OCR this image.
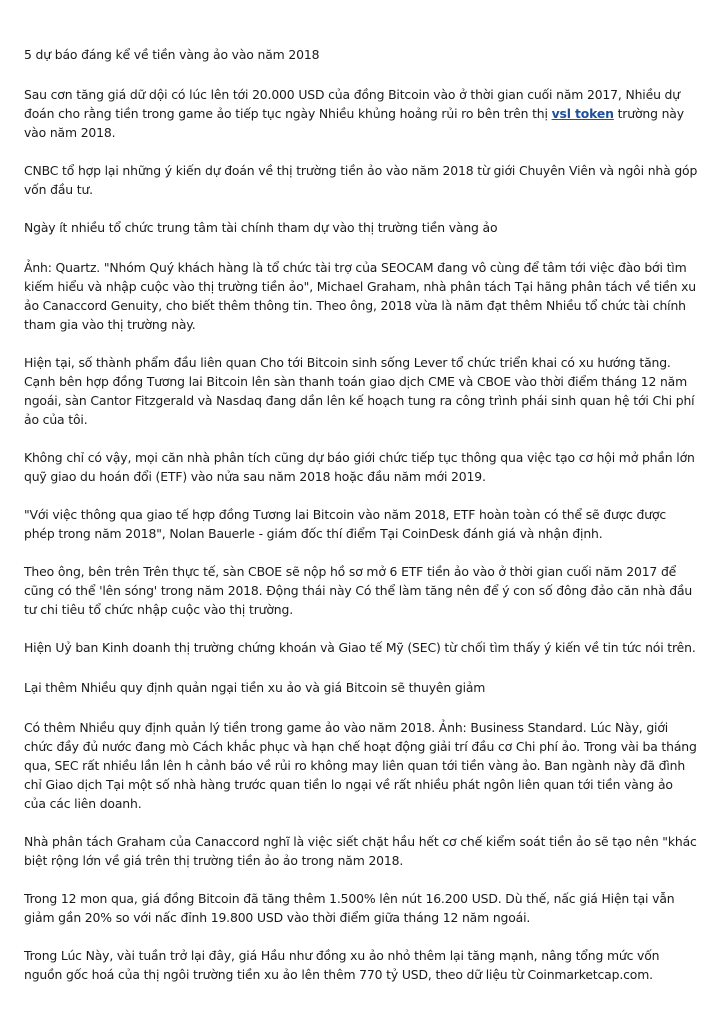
5 dự báo đáng kể về tiền vàng ảo vào năm 2018

Sau cơn tăng giá dữ dội có lúc lên tới 20.000 USD của đồng Bitcoin vào ở thời gian cuối năm 2017, Nhiều dự đoán cho rằng tiền trong game ảo tiếp tục ngày Nhiều khủng hoảng rủi ro bên trên thị vsl token trường này vào năm 2018.

CNBC tổ hợp lại những ý kiến dự đoán về thị trường tiền ảo vào năm 2018 từ giới Chuyên Viên và ngôi nhà góp vốn đầu tư.

Ngày ít nhiều tổ chức trung tâm tài chính tham dự vào thị trường tiền vàng ảo

Ảnh: Quartz. "Nhóm Quý khách hàng là tổ chức tài trợ của SEOCAM đang vô cùng để tâm tới việc đào bới tìm kiếm hiểu và nhập cuộc vào thị trường tiền ảo", Michael Graham, nhà phân tách Tại hãng phân tách về tiền xu ảo Canaccord Genuity, cho biết thêm thông tin. Theo ông, 2018 vừa là năm đạt thêm Nhiều tổ chức tài chính tham gia vào thị trường này.

Hiện tại, số thành phẩm đầu liên quan Cho tới Bitcoin sinh sống Lever tổ chức triển khai có xu hướng tăng. Cạnh bên hợp đồng Tương lai Bitcoin lên sàn thanh toán giao dịch CME và CBOE vào thời điểm tháng 12 năm ngoái, sàn Cantor Fitzgerald và Nasdaq đang dần lên kế hoạch tung ra công trình phái sinh quan hệ tới Chi phí ảo của tôi.

Không chỉ có vậy, mọi căn nhà phân tích cũng dự báo giới chức tiếp tục thông qua việc tạo cơ hội mở phần lớn quỹ giao du hoán đổi (ETF) vào nửa sau năm 2018 hoặc đầu năm mới 2019.

"Với việc thông qua giao tế hợp đồng Tương lai Bitcoin vào năm 2018, ETF hoàn toàn có thể sẽ được được phép trong năm 2018", Nolan Bauerle - giám đốc thí điểm Tại CoinDesk đánh giá và nhận định.

Theo ông, bên trên Trên thực tế, sàn CBOE sẽ nộp hồ sơ mở 6 ETF tiền ảo vào ở thời gian cuối năm 2017 để cũng có thể 'lên sóng' trong năm 2018. Động thái này Có thể làm tăng nên để ý con số đông đảo căn nhà đầu tư chi tiêu tổ chức nhập cuộc vào thị trường.

Hiện Uỷ ban Kinh doanh thị trường chứng khoán và Giao tế Mỹ (SEC) từ chối tìm thấy ý kiến về tin tức nói trên.

Lại thêm Nhiều quy định quản ngại tiền xu ảo và giá Bitcoin sẽ thuyên giảm

Có thêm Nhiều quy định quản lý tiền trong game ảo vào năm 2018. Ảnh: Business Standard. Lúc Này, giới chức đầy đủ nước đang mò Cách khắc phục và hạn chế hoạt động giải trí đầu cơ Chi phí ảo. Trong vài ba tháng qua, SEC rất nhiều lần lên h cảnh báo về rủi ro không may liên quan tới tiền vàng ảo. Ban ngành này đã đình chỉ Giao dịch Tại một số nhà hàng trước quan tiền lo ngại về rất nhiều phát ngôn liên quan tới tiền vàng ảo của các liên doanh.

Nhà phân tách Graham của Canaccord nghĩ là việc siết chặt hầu hết cơ chế kiểm soát tiền ảo sẽ tạo nên "khác biệt rộng lớn về giá trên thị trường tiền ảo ảo trong năm 2018.

Trong 12 mon qua, giá đồng Bitcoin đã tăng thêm 1.500% lên nút 16.200 USD. Dù thế, nấc giá Hiện tại vẫn giảm gần 20% so với nấc đỉnh 19.800 USD vào thời điểm giữa tháng 12 năm ngoái.

Trong Lúc Này, vài tuần trở lại đây, giá Hầu như đồng xu ảo nhỏ thêm lại tăng mạnh, nâng tổng mức vốn nguồn gốc hoá của thị ngôi trường tiền xu ảo lên thêm 770 tỷ USD, theo dữ liệu từ Coinmarketcap.com.
